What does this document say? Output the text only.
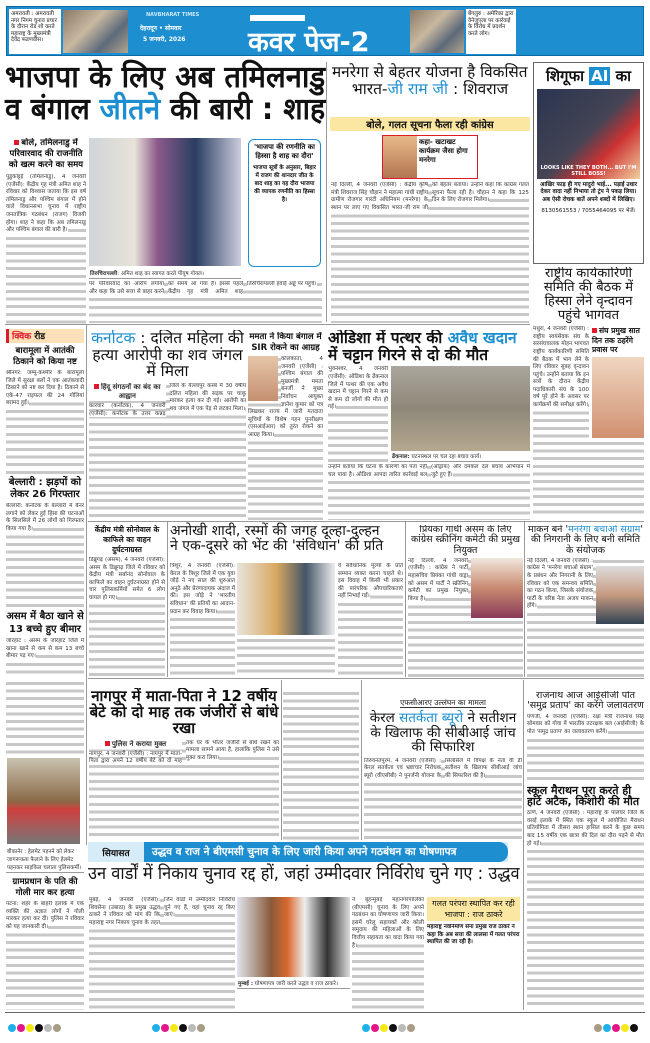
अमरावती : अमरावती नगर निगम चुनाव प्रचार के दौरान रोड शो करते महाराष्ट्र के मुख्यमंत्री देवेंद्र फडणवीस।
NAVBHARAT TIMES
देहरादून • सोमवार
5 जनवरी, 2026 कवर पेज-2
बेंगलुरु : अमेरिका द्वारा वेनेजुएला पर कार्रवाई के विरोध में प्रदर्शन करते लोग।
भाजपा के लिए अब तमिलनाडु
व बंगाल जीतने की बारी : शाह
बोले, तमिलनाडु में परिवारवाद की राजनीति को खत्म करने का समय
पुडुकोट्टई (तमिलनाडु), 4 जनवरी (एजेंसी): केंद्रीय गृह मंत्री अमित शाह ने रविवार को विश्वास जताया कि इस वर्ष तमिलनाडु और पश्चिम बंगाल में होने वाले विधानसभा चुनाव में राष्ट्रीय जनतांत्रिक गठबंधन (राजग) विजयी होगा। शाह ने कहा कि अब तमिलनाडु और पश्चिम बंगाल की बारी है।
तिरुचिरापल्ली: अमित शाह का स्वागत करते पीयूष गोयल।
'भाजपा की रणनीति का हिस्सा है शाह का दौरा'
भाजपा सूत्रों के अनुसार, बिहार में राजग की शानदार जीत के बाद शाह का यह दौरा भाजपा की व्यापक रणनीति का हिस्सा है।
पर परिवारवाद का आरोप लगाया और कहा कि उसे सत्ता से बाहर करने का समय आ गया है। इससे पहले केंद्रीय गृह मंत्री अमित शाह तिरुचिरापल्ली हवाई अड्डे पर पहुंचे।
मनरेगा से बेहतर योजना है विकसित
भारत-जी राम जी : शिवराज
बोले, गलत सूचना फैला रही कांग्रेस
कहा- खटाखट कार्यक्रम जैसा होगा मनरेगा
नई दिल्ली, 4 जनवरी (एजेंसी) : केंद्रीय कृषि मंत्री शिवराज सिंह चौहान ने महात्मा गांधी राष्ट्रीय ग्रामीण रोजगार गारंटी अधिनियम (मनरेगा) के स्थान पर लाए गए विकसित भारत-जी राम जी को बेहतर बताया। उन्होंने कहा कि कांग्रेस गलत सूचना फैला रही है। चौहान ने कहा कि 125 दिन के लिए रोजगार मिलेगा।
शिगूफा AI का
LOOKS LIKE THEY BOTH... BUT I'M STILL BOSS!
आखिर फाड़ ही गए मादुरो भाई... पड़ाई उधार देकर वादा नहीं निभाया तो ट्रंप ने पकड़ लिया। अब ऐसी रोचक बातें अपने शब्दों में लिखिए।
8130561553 / 7055464095 पर भेजें।
राष्ट्रीय कार्यकारिणी समिति की बैठक में हिस्सा लेने वृन्दावन पहुंचे भागवत
मथुरा, 4 जनवरी (एजेंसी) : राष्ट्रीय स्वयंसेवक संघ के सरसंघचालक मोहन भागवत राष्ट्रीय कार्यकारिणी समिति की बैठक में भाग लेने के लिए रविवार सुबह वृन्दावन पहुंचे। उन्होंने बताया कि इन सत्रों के दौरान केंद्रीय पदाधिकारी संघ के 100 वर्ष पूरे होने के अवसर पर कार्यक्रमों की समीक्षा करेंगे।
संघ प्रमुख सात दिन तक ठहरेंगे प्रवास पर
क्विक रीड
बारामूला में आतंकी ठिकाने को किया नष्ट
श्रीनगर: जम्मू-कश्मीर के बारामूला जिले में सुरक्षा बलों ने एक आतंकवादी ठिकाने को नष्ट कर दिया है। ठिकाने से एके-47 राइफल की 24 गोलियां बरामद हुईं।
बेल्लारी : झड़पों को लेकर 26 गिरफ्तार
बेल्लारी: कर्नाटक के बेल्लारी में बैनर लगाने को लेकर हुई हिंसा की घटनाओं के सिलसिले में 26 लोगों को गिरफ्तार किया गया है।
असम में बैठा खाने से 13 बच्चे हुए बीमार
जोरहाट : असम के जोरहाट जिले में खाना खाने से कम से कम 13 बच्चे बीमार पड़ गए।
कर्नाटक : दलित महिला की हत्या आरोपी का शव जंगल में मिला
हिंदू संगठनों का बंद का आह्वान
कारवार (कर्नाटक), 4 जनवरी (एजेंसी): कर्नाटक के उत्तर कन्नड़ जिले के येल्लापुर कस्बे में 30 वर्षीय दलित महिला की सड़क पर चाकू मारकर हत्या कर दी गई। आरोपी का शव जंगल में एक पेड़ से लटका मिला।
ममता ने किया बंगाल में SIR रोकने का आग्रह
कोलकाता, 4 जनवरी (एजेंसी) : पश्चिम बंगाल की मुख्यमंत्री ममता बनर्जी ने मुख्य निर्वाचन आयुक्त ज्ञानेश कुमार को पत्र लिखकर राज्य में जारी मतदाता सूचियों के विशेष गहन पुनरीक्षण (एसआईआर) को तुरंत रोकने का आग्रह किया।
ओडिशा में पत्थर की अवैध खदान में चट्टान गिरने से दो की मौत
भुवनेश्वर, 4 जनवरी (एजेंसी): ओडिशा के ढेंकनाल जिले में पत्थर की एक अवैध खदान में चट्टान गिरने से कम से कम दो लोगों की मौत हो गई।
ढेंकनाल: घटनास्थल पर चल रहा बचाव कार्य।
उन्होंने बताया कि घटना के कारणों का पता नहीं चल पाया है। ओडिशा आपदा त्वरित कार्रवाई बल (ओड्राफ) और दमकल दल बचाव अभियान में जुटे हुए हैं।
केंद्रीय मंत्री सोनोवाल के काफिले का वाहन दुर्घटनाग्रस्त
डिब्रूगढ़ (असम), 4 जनवरी (एजेंसी): असम के डिब्रूगढ़ जिले में रविवार को केंद्रीय मंत्री सर्बानंद सोनोवाल के काफिले का वाहन दुर्घटनाग्रस्त होने से चार पुलिसकर्मियों समेत 6 लोग घायल हो गए।
अनोखी शादी, रस्मों की जगह दूल्हा-दुल्हन
ने एक-दूसरे को भेंट की 'संविधान' की प्रति
त्रिशूर, 4 जनवरी (एजेंसी): केरल के त्रिशूर जिले में एक युवा जोड़े ने नए साल की शुरुआत अनूठे और प्रेरणादायक अंदाज में की। इस जोड़े ने 'भारतीय संविधान' की प्रतियों का आदान-प्रदान कर विवाह किया।
वे संवैधानिक मूल्यों के प्रति सम्मान व्यक्त करना चाहते थे। इस विवाह में किसी भी प्रकार की पारंपरिक औपचारिकताएं नहीं निभाई गईं।
प्रियंका गांधी असम के लिए कांग्रेस स्क्रीनिंग कमेटी की प्रमुख नियुक्त
नई दिल्ली, 4 जनवरी (एजेंसी) : कांग्रेस ने पार्टी महासचिव प्रियंका गांधी वाड्रा को असम में पार्टी ने स्क्रीनिंग कमेटी का प्रमुख नियुक्त किया है।
माकन बने 'मनरेगा बचाओ संग्राम' की निगरानी के लिए बनी समिति के संयोजक
नई दिल्ली, 4 जनवरी (एजेंसी) : कांग्रेस ने 'मनरेगा बचाओ संग्राम' के प्रबंधन और निगरानी के लिए रविवार को एक समन्वय समिति का गठन किया, जिसके संयोजक पार्टी के वरिष्ठ नेता अजय माकन होंगे।
बीकानेर : हेलमेट पहनने को लेकर जागरूकता फैलाने के लिए हेलमेट पहनकर साइकिल चलाता पुलिसकर्मी।
ग्रामप्रधान के पति की गोली मार कर हत्या
पटना: शहर के बाहरी इलाके में एक व्यक्ति की अज्ञात लोगों ने गोली मारकर हत्या कर दी। पुलिस ने रविवार को यह जानकारी दी।
नागपुर में माता-पिता ने 12 वर्षीय बेटे को दो माह तक जंजीरों से बांधे रखा
पुलिस ने कराया मुक्त
नागपुर, 4 जनवरी (एजेंसी) : नागपुर में माता-पिता द्वारा अपने 12 वर्षीय बेटे को दो माह तक घर के भीतर जंजीरों से बांधे रखने का मामला सामने आया है, हालांकि पुलिस ने उसे मुक्त करा लिया।
एफसीआरए उल्लंघन का मामला
केरल सतर्कता ब्यूरो ने सतीशन के खिलाफ की सीबीआई जांच की सिफारिश
तिरुवनंतपुरम, 4 जनवरी (एजेंसी) : केरल सतर्कता एवं भ्रष्टाचार निरोधक ब्यूरो (वीएसीबी) ने पुनर्जनी योजना के सिलसिले में विपक्ष के नेता वी डी सतीशन के खिलाफ सीबीआई जांच की सिफारिश की है।
राजनाथ आज आईसीजी पोत 'समुद्र प्रताप' का करेंगे जलावतरण
पणजी, 4 जनवरी (एजेंसी): रक्षा मंत्री राजनाथ सिंह सोमवार को गोवा में भारतीय तटरक्षक बल (आईसीजी) के पोत 'समुद्र प्रताप' का जलावतरण करेंगे।
स्कूल मैराथन पूरा करते ही हार्ट अटैक, किशोरी की मौत
ठाणे, 4 जनवरी (एजेंसी) : महाराष्ट्र के पालघर जिले के वसई इलाके में स्थित एक स्कूल में आयोजित मैराथन प्रतियोगिता में तीसरा स्थान हासिल करने के कुछ समय बाद 15 वर्षीय एक छात्रा की दिल का दौरा पड़ने से मौत हो गई।
सियासत	उद्धव व राज ने बीएमसी चुनाव के लिए जारी किया अपने गठबंधन का घोषणापत्र
उन वार्डों में निकाय चुनाव रद्द हों, जहां उम्मीदवार निर्विरोध चुने गए : उद्धव
मुंबई, 4 जनवरी (एजेंसी): शिवसेना (उबाठा) के प्रमुख उद्धव ठाकरे ने रविवार को मांग की कि महाराष्ट्र नगर निकाय चुनाव के तहत जिन वार्डों में उम्मीदवार निर्विरोध चुने गए हैं, वहां चुनाव रद्द किए जाएं।
मुम्बई : घोषणापत्र जारी करते उद्धव व राज ठाकरे।
ने बृहन्मुंबई महानगरपालिका (बीएमसी) चुनाव के लिए अपने गठबंधन का घोषणापत्र जारी किया। इसमें घरेलू सहायकों और कोली समुदाय की महिलाओं के लिए वित्तीय सहायता का वादा किया गया है।
गलत परंपरा स्थापित कर रही भाजपा : राज ठाकरे
महाराष्ट्र नवनिर्माण सेना प्रमुख राज ठाकरे ने कहा कि अब सत्ता की लालसा में गलत परंपरा स्थापित की जा रही है।
